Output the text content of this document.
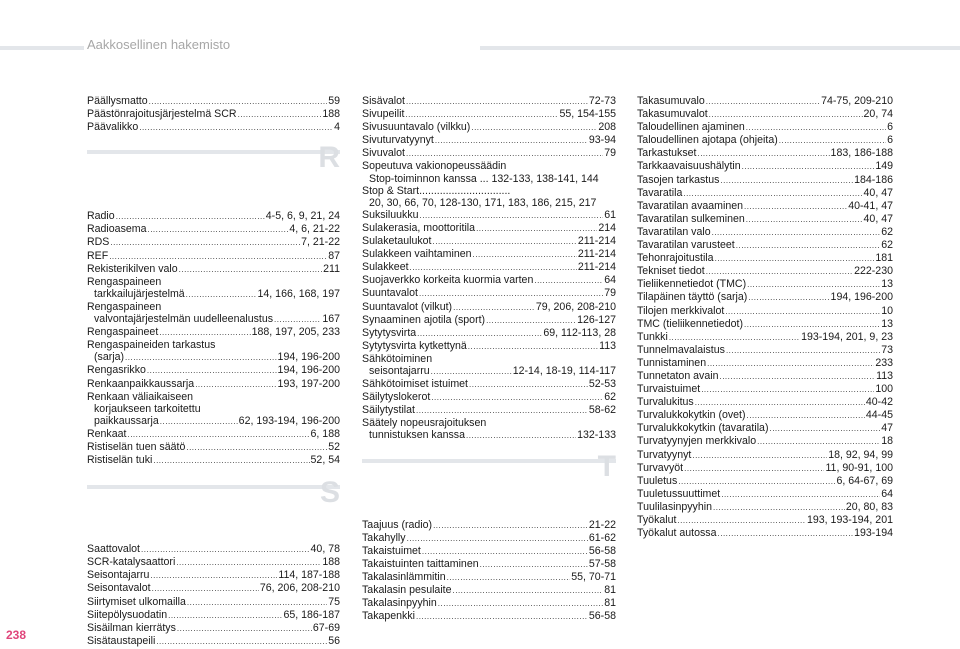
Aakkosellinen hakemisto
Päällysmatto .....	59
Päästönrajoitusjärjestelmä SCR .....	188
Päävalikko .....	4
R
Radio .....	4-5, 6, 9, 21, 24
Radioasema .....	4, 6, 21-22
RDS .....	7, 21-22
REF .....	87
Rekisterikilven valo .....	211
Rengaspaineen
tarkkailujärjestelmä .....	14, 166, 168, 197
Rengaspaineen
valvontajärjestelmän uudelleenalustus .....	167
Rengaspaineet .....	188, 197, 205, 233
Rengaspaineiden tarkastus
(sarja) .....	194, 196-200
Rengasrikko .....	194, 196-200
Renkaanpaikkaussarja .....	193, 197-200
Renkaan väliaikaiseen
korjaukseen tarkoitettu
paikkaussarja .....	62, 193-194, 196-200
Renkaat .....	6, 188
Ristiselän tuen säätö .....	52
Ristiselän tuki .....	52, 54
S
Saattovalot .....	40, 78
SCR-katalysaattori .....	188
Seisontajarru .....	114, 187-188
Seisontavalot .....	76, 206, 208-210
Siirtymiset ulkomailla .....	75
Siitepölysuodatin .....	65, 186-187
Sisäilman kierrätys .....	67-69
Sisätaustapeili .....	56
Sisävalot .....	72-73
Sivupeilit .....	55, 154-155
Sivusuuntavalo (vilkku) .....	208
Sivuturvatyynyt .....	93-94
Sivuvalot .....	79
Sopeutuva vakionopeussäädin
Stop-toiminnon kanssa ... 132-133, 138-141, 144
Stop & Start...............................
20, 30, 66, 70, 128-130, 171, 183, 186, 215, 217
Suksiluukku .....	61
Sulakerasia, moottoritila .....	214
Sulaketaulukot .....	211-214
Sulakkeen vaihtaminen .....	211-214
Sulakkeet .....	211-214
Suojaverkko korkeita kuormia varten .....	64
Suuntavalot .....	79
Suuntavalot (vilkut) .....	79, 206, 208-210
Synaaminen ajotila (sport) .....	126-127
Sytytysvirta .....	69, 112-113, 28
Sytytysvirta kytkettynä .....	113
Sähkötoiminen
seisontajarru .....	12-14, 18-19, 114-117
Sähkötoimiset istuimet .....	52-53
Säilytyslokerot .....	62
Säilytystilat .....	58-62
Säätely nopeusrajoituksen
tunnistuksen kanssa .....	132-133
T
Taajuus (radio) .....	21-22
Takahylly .....	61-62
Takaistuimet .....	56-58
Takaistuinten taittaminen .....	57-58
Takalasinlämmitin .....	55, 70-71
Takalasin pesulaite .....	81
Takalasinpyyhin .....	81
Takapenkki .....	56-58
Takasumuvalo .....	74-75, 209-210
Takasumuvalot .....	20, 74
Taloudellinen ajaminen .....	6
Taloudellinen ajotapa (ohjeita) .....	6
Tarkastukset .....	183, 186-188
Tarkkaavaisuushälytin .....	149
Tasojen tarkastus .....	184-186
Tavaratila .....	40, 47
Tavaratilan avaaminen .....	40-41, 47
Tavaratilan sulkeminen .....	40, 47
Tavaratilan valo .....	62
Tavaratilan varusteet .....	62
Tehonrajoitustila .....	181
Tekniset tiedot .....	222-230
Tieliikennetiedot (TMC) .....	13
Tilapäinen täyttö (sarja) .....	194, 196-200
Tilojen merkkivalot .....	10
TMC (tieliikennetiedot) .....	13
Tunkki .....	193-194, 201, 9, 23
Tunnelmavalaistus .....	73
Tunnistaminen .....	233
Tunnetaton avain .....	113
Turvaistuimet .....	100
Turvalukitus .....	40-42
Turvalukkokytkin (ovet) .....	44-45
Turvalukkokytkin (tavaratila) .....	47
Turvatyynyjen merkkivalo .....	18
Turvatyynyt .....	18, 92, 94, 99
Turvavyöt .....	11, 90-91, 100
Tuuletus .....	6, 64-67, 69
Tuuletussuuttimet .....	64
Tuulilasinpyyhin .....	20, 80, 83
Työkalut .....	193, 193-194, 201
Työkalut autossa .....	193-194
238
